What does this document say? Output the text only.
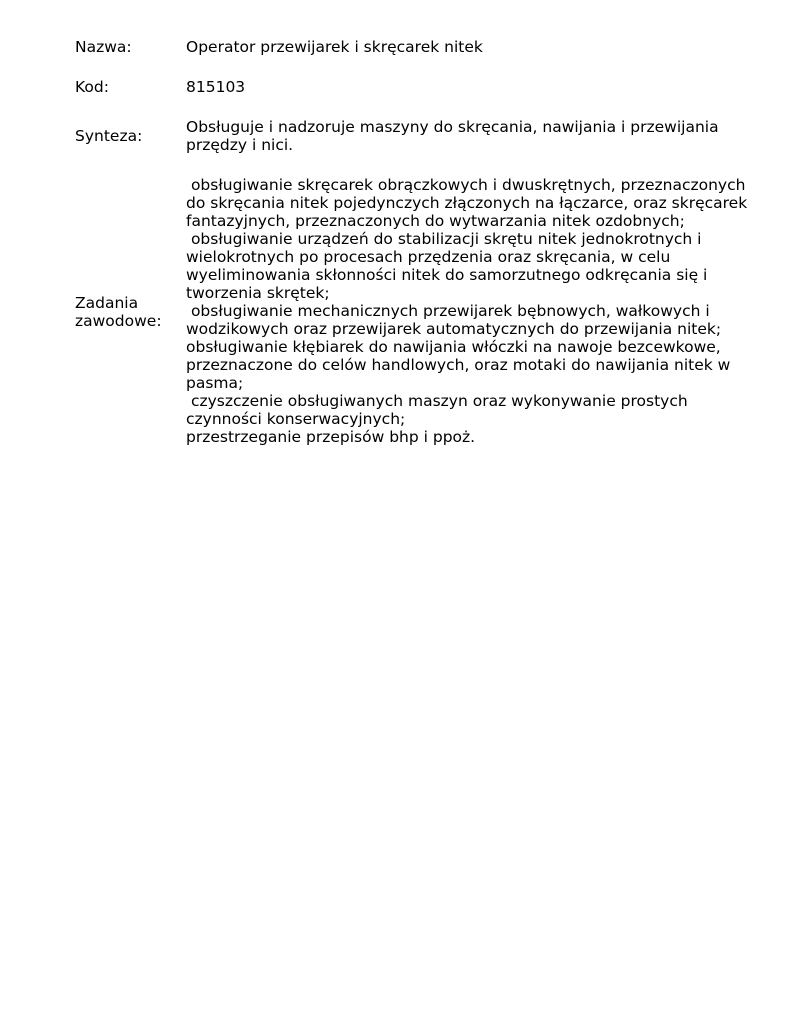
Nazwa:	Operator przewijarek i skręcarek nitek
Kod:	815103
Synteza:	Obsługuje i nadzoruje maszyny do skręcania, nawijania i przewijania przędzy i nici.
Zadania zawodowe:
obsługiwanie skręcarek obrączkowych i dwuskrętnych, przeznaczonych do skręcania nitek pojedynczych złączonych na łączarce, oraz skręcarek fantazyjnych, przeznaczonych do wytwarzania nitek ozdobnych;
obsługiwanie urządzeń do stabilizacji skrętu nitek jednokrotnych i wielokrotnych po procesach przędzenia oraz skręcania, w celu wyeliminowania skłonności nitek do samorzutnego odkręcania się i tworzenia skrętek;
obsługiwanie mechanicznych przewijarek bębnowych, wałkowych i wodzikowych oraz przewijarek automatycznych do przewijania nitek;
obsługiwanie kłębiarek do nawijania włóczki na nawoje bezcewkowe, przeznaczone do celów handlowych, oraz motaki do nawijania nitek w pasma;
czyszczenie obsługiwanych maszyn oraz wykonywanie prostych czynności konserwacyjnych;
przestrzeganie przepisów bhp i ppoż.
